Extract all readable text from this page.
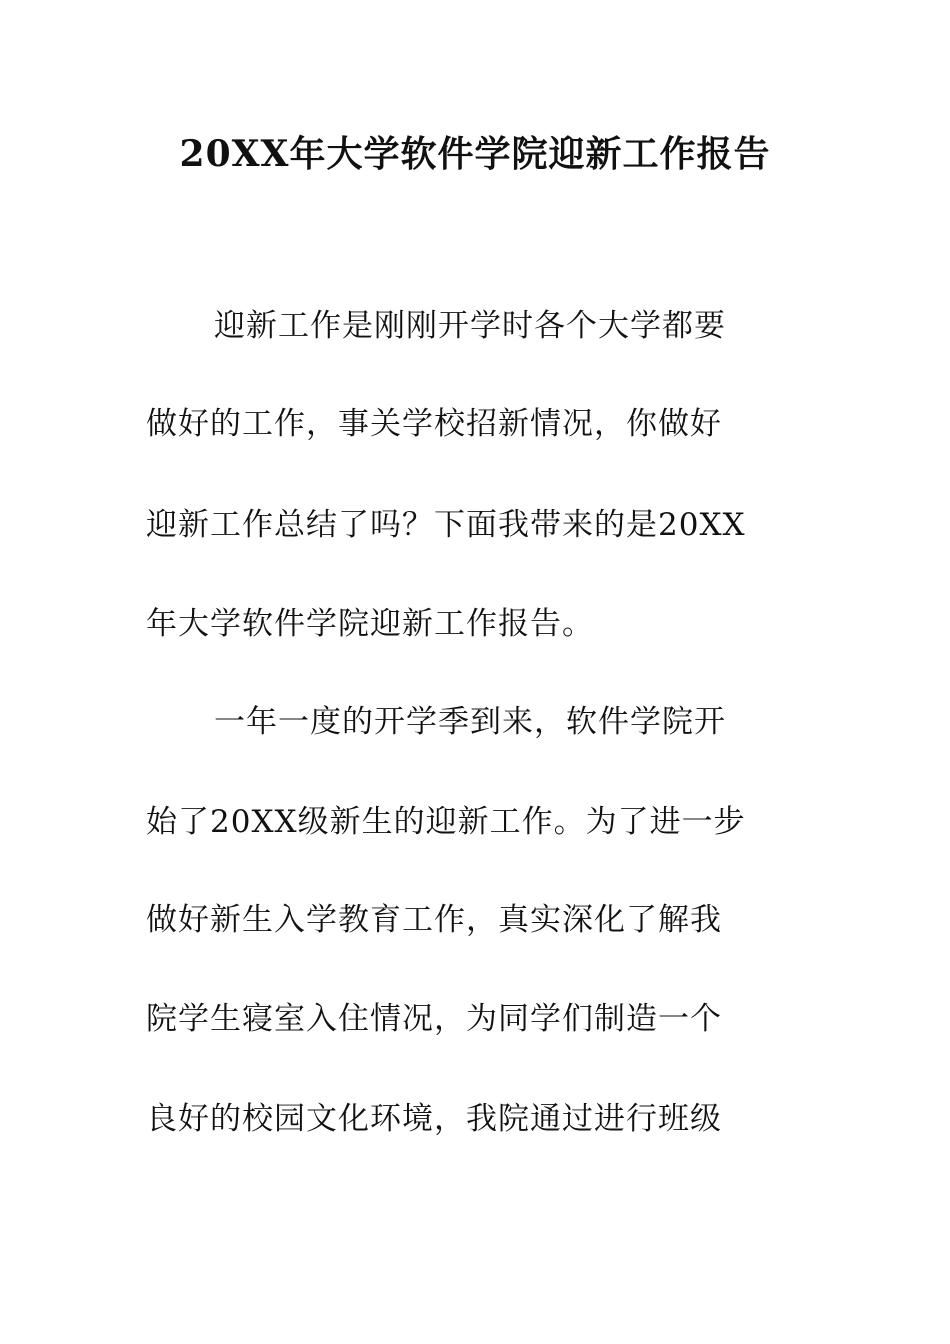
20XX年大学软件学院迎新工作报告

迎新工作是刚刚开学时各个大学都要

做好的工作，事关学校招新情况，你做好

迎新工作总结了吗？下面我带来的是20XX

年大学软件学院迎新工作报告。

一年一度的开学季到来，软件学院开

始了20XX级新生的迎新工作。为了进一步

做好新生入学教育工作，真实深化了解我

院学生寝室入住情况，为同学们制造一个

良好的校园文化环境，我院通过进行班级
